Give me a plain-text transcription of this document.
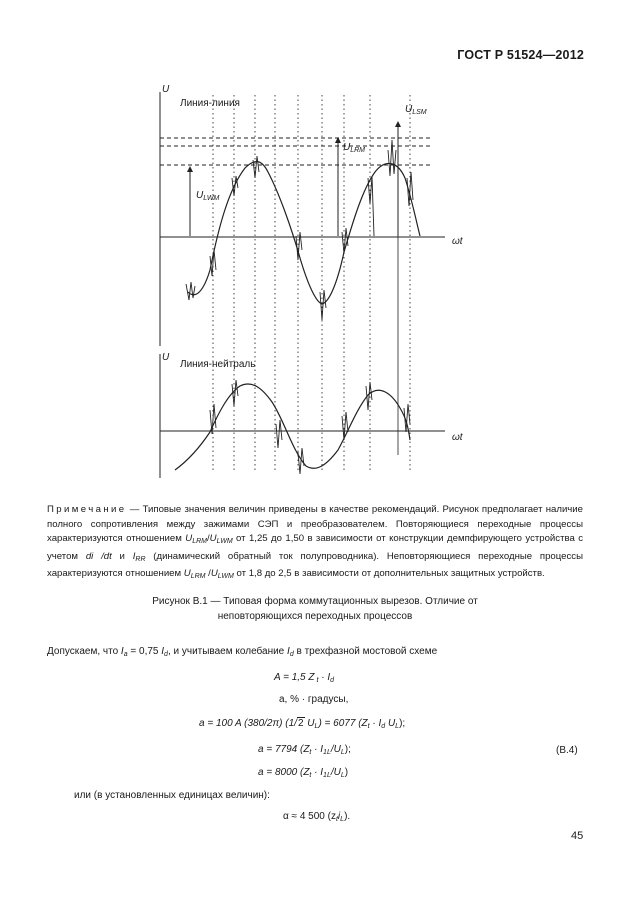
ГОСТ Р 51524—2012
U
Линия-линия
ωt
$U_{LSM}$
$U_{LRM}$
$U_{LWM}$
U
Линия-нейтраль
ωt
Примечание — Типовые значения величин приведены в качестве рекомендаций. Рисунок предполагает наличие полного сопротивления между зажимами СЭП и преобразователем. Повторяющиеся переходные процессы характеризуются отношением $U_{LRM}/U_{LWM}$ от 1,25 до 1,50 в зависимости от конструкции демпфирующего устройства с учетом di /dt и $I_{RR}$ (динамический обратный ток полупроводника). Неповторяющиеся переходные процессы характеризуются отношением $U_{LRM}$ $/U_{LWM}$ от 1,8 до 2,5 в зависимости от дополнительных защитных устройств.
Рисунок В.1 — Типовая форма коммутационных вырезов. Отличие от
неповторяющихся переходных процессов
Допускаем, что $I_a = 0,75$ $I_d$, и учитываем колебание $I_d$ в трехфазной мостовой схеме
A = 1,5 Z $_t \cdot I_d$
a, % · градусы,
a = 100 A (380/2π) (1/2 $U_L) = 6077$ ($Z_t \cdot I_d$ $U_L$);
a = 7794 $(Z_t \cdot I_{1L}/U_L)$;	(В.4)
a = 8000 $(Z_t \cdot I_{1L}/U_L)$
или (в установленных единицах величин):
α ≈ 4 500 $(z_ti_L)$.
45
